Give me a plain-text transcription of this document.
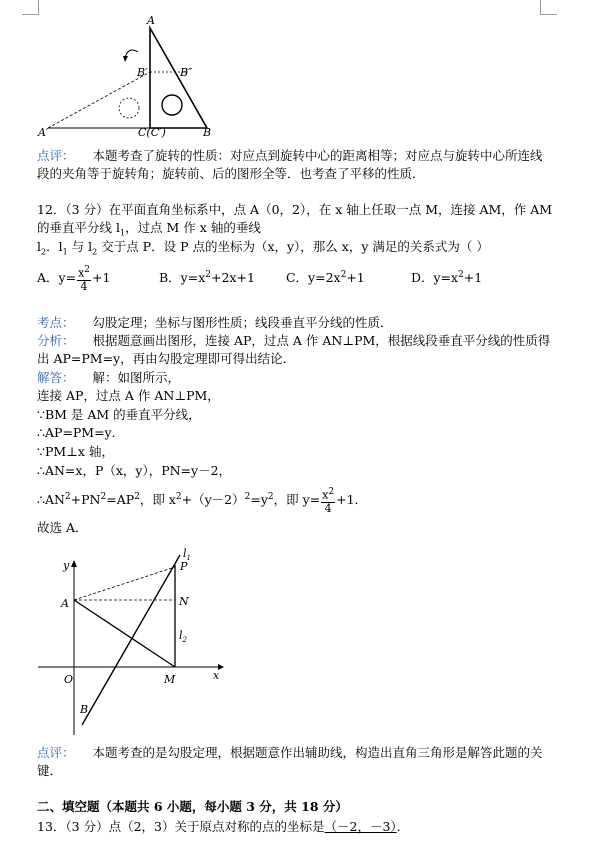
A
B′	B″
A′	C(C′)	B
点评： 本题考查了旋转的性质：对应点到旋转中心的距离相等；对应点与旋转中心所连线
段的夹角等于旋转角；旋转前、后的图形全等．也考查了平移的性质．
12．（3 分）在平面直角坐标系中，点 A（0，2），在 x 轴上任取一点 M，连接 AM，作 AM
的垂直平分线 $l_1$，过点 M 作 x 轴的垂线
$l_2$．$l_1$ 与 $l_2$ 交于点 P．设 P 点的坐标为（x，y），那么 x，y 满足的关系式为（ ）
A．$y= \frac{x^2}{4} +1$	B．$y=x^2+2x+1$ C．$y=2x^2+1$	D．$y=x^2+1$
考点： 勾股定理；坐标与图形性质；线段垂直平分线的性质．
分析： 根据题意画出图形，连接 AP，过点 A 作 AN⊥PM，根据线段垂直平分线的性质得
出 AP=PM=y，再由勾股定理即可得出结论．
解答： 解：如图所示，
连接 AP，过点 A 作 AN⊥PM，
∵BM 是 AM 的垂直平分线，
∴AP=PM=y．
∵PM⊥x 轴，
∴AN=x，P（x，y），PN=y－2，
$\therefore AN^2+PN^2=AP^2$，即 $x^2+(y-2)^2=y^2$，即 $y= \frac{x^2}{4} +1$．
故选 A．
y
x
$l_1$
P
A	N
$l_2$
O	M
B
点评： 本题考查的是勾股定理，根据题意作出辅助线，构造出直角三角形是解答此题的关
键．
二、填空题（本题共 6 小题，每小题 3 分，共 18 分）
13．（3 分）点（2，3）关于原点对称的点的坐标是（－2，－3）．
